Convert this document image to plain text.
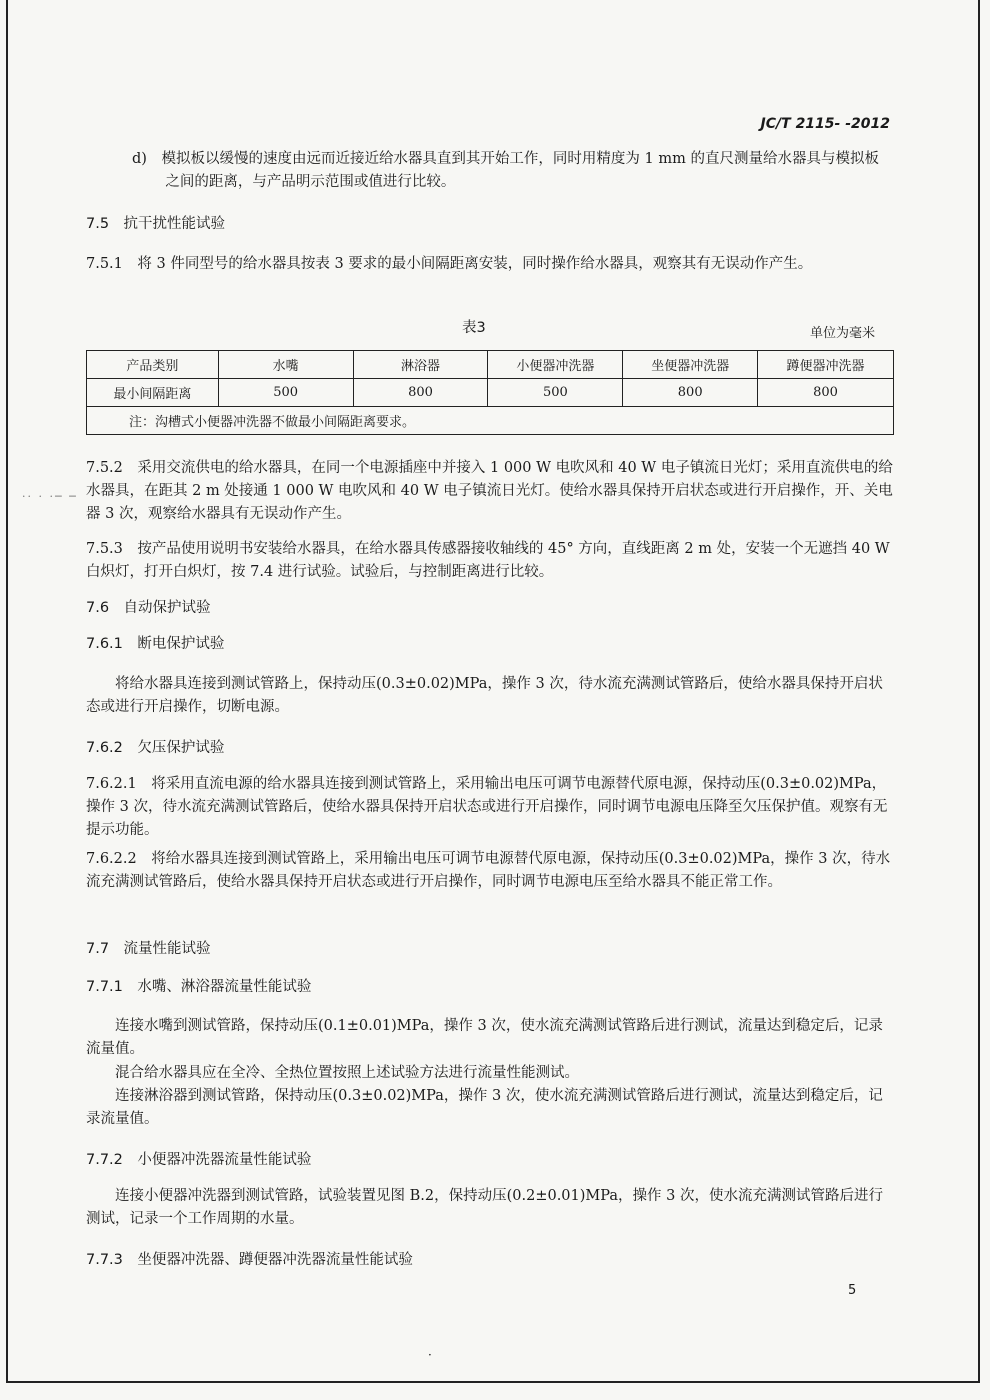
·· · ·─ ─
JC/T 2115- -2012

d)　模拟板以缓慢的速度由远而近接近给水器具直到其开始工作，同时用精度为 1 mm 的直尺测量给水器具与模拟板之间的距离，与产品明示范围或值进行比较。

7.5　抗干扰性能试验

7.5.1　将 3 件同型号的给水器具按表 3 要求的最小间隔距离安装，同时操作给水器具，观察其有无误动作产生。

表3	单位为毫米
产品类别	水嘴	淋浴器	小便器冲洗器	坐便器冲洗器	蹲便器冲洗器
最小间隔距离	500	800	500	800	800
注：沟槽式小便器冲洗器不做最小间隔距离要求。					

7.5.2　采用交流供电的给水器具，在同一个电源插座中并接入 1 000 W 电吹风和 40 W 电子镇流日光灯；采用直流供电的给水器具，在距其 2 m 处接通 1 000 W 电吹风和 40 W 电子镇流日光灯。使给水器具保持开启状态或进行开启操作，开、关电器 3 次，观察给水器具有无误动作产生。

7.5.3　按产品使用说明书安装给水器具，在给水器具传感器接收轴线的 45° 方向，直线距离 2 m 处，安装一个无遮挡 40 W 白炽灯，打开白炽灯，按 7.4 进行试验。试验后，与控制距离进行比较。

7.6　自动保护试验

7.6.1　断电保护试验

将给水器具连接到测试管路上，保持动压(0.3±0.02)MPa，操作 3 次，待水流充满测试管路后，使给水器具保持开启状态或进行开启操作，切断电源。

7.6.2　欠压保护试验

7.6.2.1　将采用直流电源的给水器具连接到测试管路上，采用输出电压可调节电源替代原电源，保持动压(0.3±0.02)MPa，操作 3 次，待水流充满测试管路后，使给水器具保持开启状态或进行开启操作，同时调节电源电压降至欠压保护值。观察有无提示功能。

7.6.2.2　将给水器具连接到测试管路上，采用输出电压可调节电源替代原电源，保持动压(0.3±0.02)MPa，操作 3 次，待水流充满测试管路后，使给水器具保持开启状态或进行开启操作，同时调节电源电压至给水器具不能正常工作。

7.7　流量性能试验

7.7.1　水嘴、淋浴器流量性能试验

连接水嘴到测试管路，保持动压(0.1±0.01)MPa，操作 3 次，使水流充满测试管路后进行测试，流量达到稳定后，记录流量值。

混合给水器具应在全冷、全热位置按照上述试验方法进行流量性能测试。

连接淋浴器到测试管路，保持动压(0.3±0.02)MPa，操作 3 次，使水流充满测试管路后进行测试，流量达到稳定后，记录流量值。

7.7.2　小便器冲洗器流量性能试验

连接小便器冲洗器到测试管路，试验装置见图 B.2，保持动压(0.2±0.01)MPa，操作 3 次，使水流充满测试管路后进行测试，记录一个工作周期的水量。

7.7.3　坐便器冲洗器、蹲便器冲洗器流量性能试验

5
·
